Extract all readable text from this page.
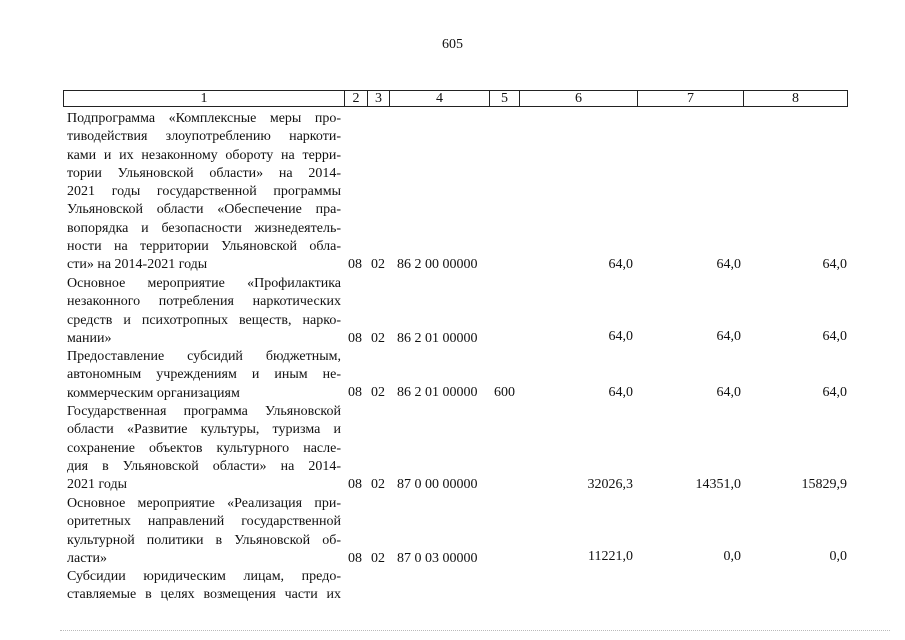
605
1	2	3	4	5	6	7	8
Подпрограмма «Комплексные меры про-
тиводействия злоупотреблению наркоти-
ками и их незаконному обороту на терри-
тории Ульяновской области» на 2014-
2021 годы государственной программы
Ульяновской области «Обеспечение пра-
вопорядка и безопасности жизнедеятель-
ности на территории Ульяновской обла-
сти» на 2014-2021 годы	08 02 86 2 00 00000	64,0	64,0	64,0
Основное мероприятие «Профилактика
незаконного потребления наркотических
средств и психотропных веществ, нарко-
мании»	08 02 86 2 01 00000	64,0	64,0	64,0
Предоставление субсидий бюджетным,
автономным учреждениям и иным не-
коммерческим организациям	08 02 86 2 01 00000 600	64,0	64,0	64,0
Государственная программа Ульяновской
области «Развитие культуры, туризма и
сохранение объектов культурного насле-
дия в Ульяновской области» на 2014-
2021 годы	08 02 87 0 00 00000	32026,3	14351,0	15829,9
Основное мероприятие «Реализация при-
оритетных направлений государственной
культурной политики в Ульяновской об-
ласти»	08 02 87 0 03 00000	11221,0	0,0	0,0
Субсидии юридическим лицам, предо-
ставляемые в целях возмещения части их
